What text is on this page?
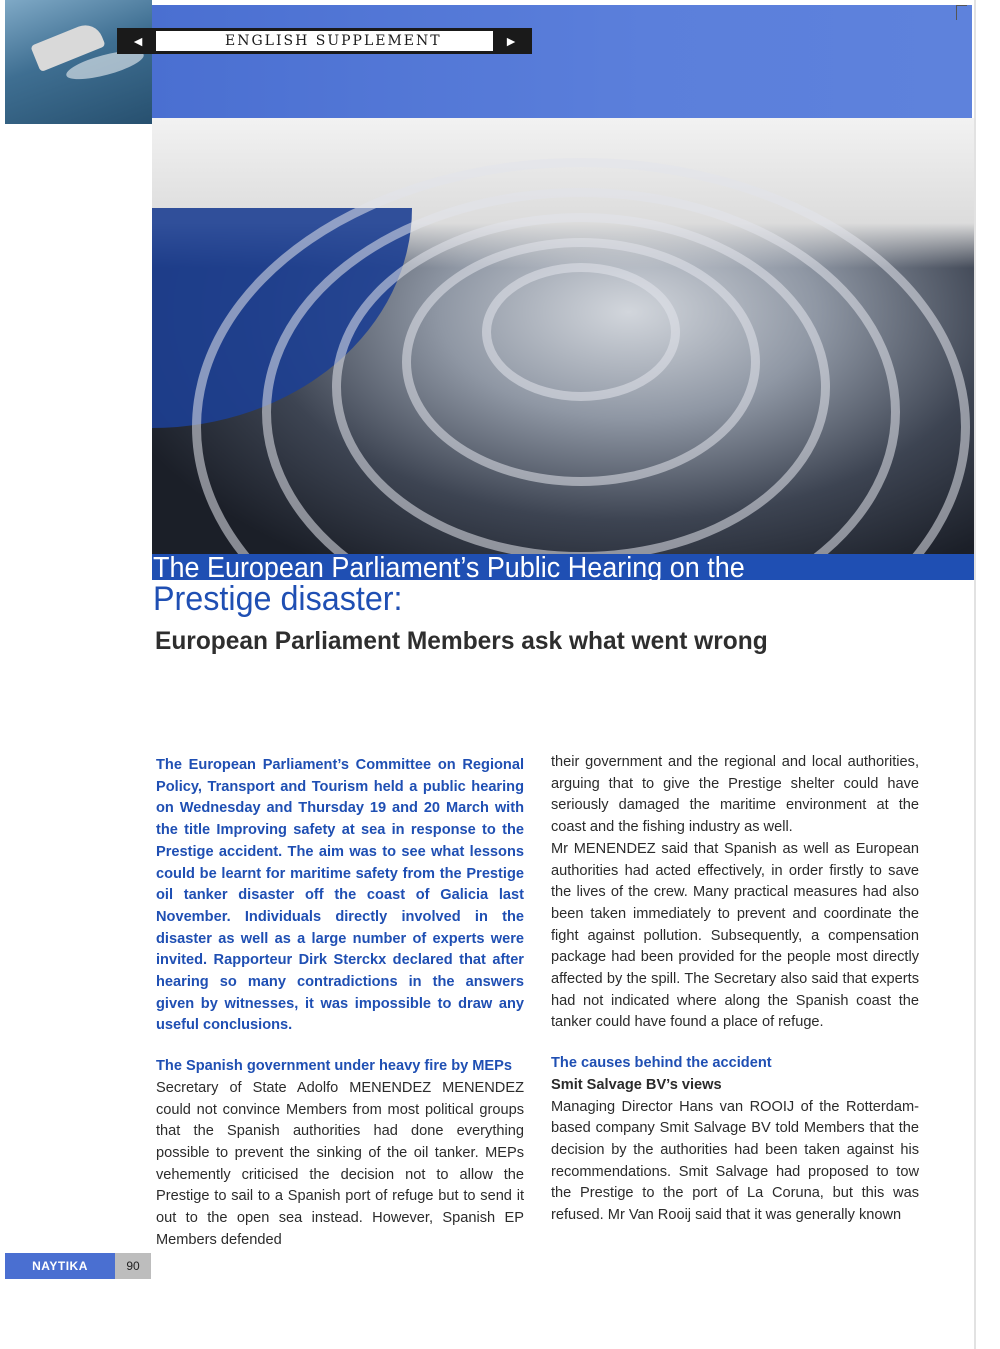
◄	ENGLISH SUPPLEMENT	►
The European Parliament’s Public Hearing on the
Prestige disaster:
European Parliament Members ask what went wrong

The European Parliament’s Committee on Regional Policy, Transport and Tourism held a public hearing on Wednesday and Thursday 19 and 20 March with the title Improving safety at sea in response to the Prestige accident. The aim was to see what lessons could be learnt for maritime safety from the Prestige oil tanker disaster off the coast of Galicia last November. Individuals directly involved in the disaster as well as a large number of experts were invited. Rapporteur Dirk Sterckx declared that after hearing so many contradictions in the answers given by witnesses, it was impossible to draw any useful conclusions.

The Spanish government under heavy fire by MEPs

Secretary of State Adolfo MENENDEZ MENENDEZ could not convince Members from most political groups that the Spanish authorities had done everything possible to prevent the sinking of the oil tanker. MEPs vehemently criticised the decision not to allow the Prestige to sail to a Spanish port of refuge but to send it out to the open sea instead. However, Spanish EP Members defended

their government and the regional and local authorities, arguing that to give the Prestige shelter could have seriously damaged the maritime environment at the coast and the fishing industry as well.

Mr MENENDEZ said that Spanish as well as European authorities had acted effectively, in order firstly to save the lives of the crew. Many practical measures had also been taken immediately to prevent and coordinate the fight against pollution. Subsequently, a compensation package had been provided for the people most directly affected by the spill. The Secretary also said that experts had not indicated where along the Spanish coast the tanker could have found a place of refuge.

The causes behind the accident

Smit Salvage BV’s views

Managing Director Hans van ROOIJ of the Rotterdam-based company Smit Salvage BV told Members that the decision by the authorities had been taken against his recommendations. Smit Salvage had proposed to tow the Prestige to the port of La Coruna, but this was refused. Mr Van Rooij said that it was generally known

ΝΑΥΤΙΚΑ ΧΡΟΝΙΚΑ
90
